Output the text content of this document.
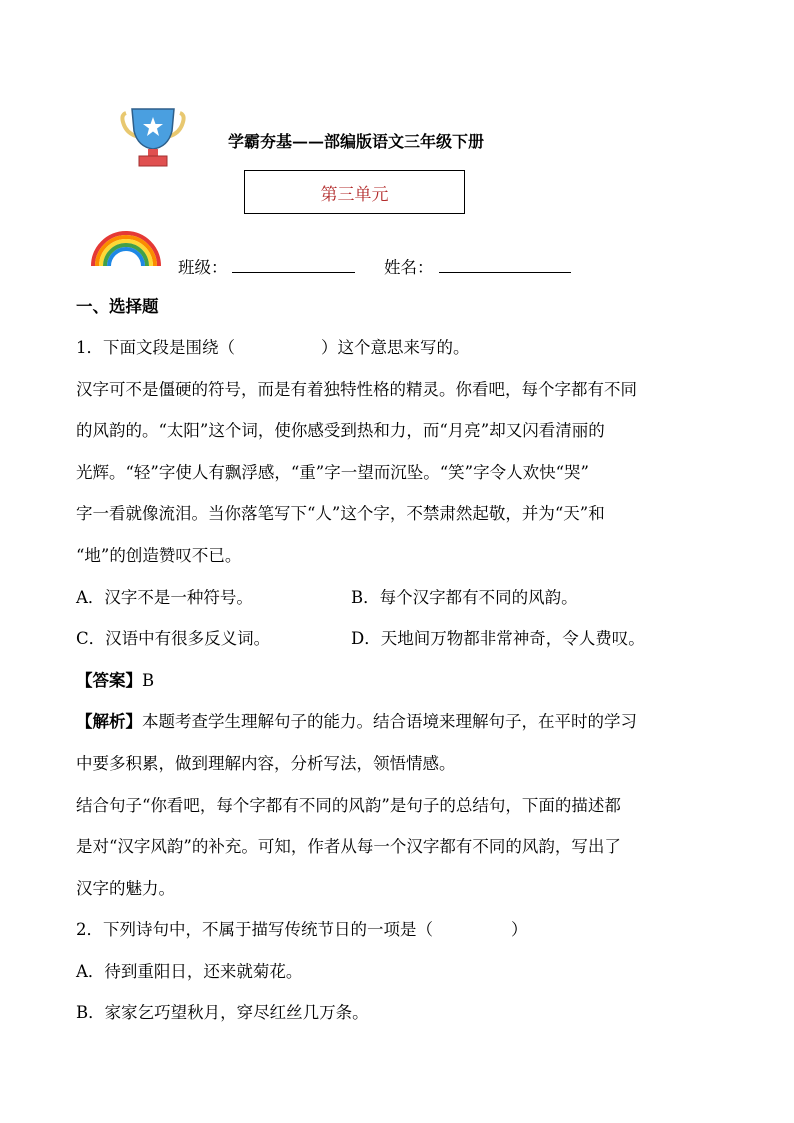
学霸夯基——部编版语文三年级下册
第三单元
班级：	姓名：
一、选择题
1．下面文段是围绕（	）这个意思来写的。
汉字可不是僵硬的符号，而是有着独特性格的精灵。你看吧，每个字都有不同
的风韵的。“太阳”这个词，使你感受到热和力，而“月亮”却又闪看清丽的
光辉。“轻”字使人有飘浮感，“重”字一望而沉坠。“笑”字令人欢快“哭”
字一看就像流泪。当你落笔写下“人”这个字，不禁肃然起敬，并为“天”和
“地”的创造赞叹不已。
A．汉字不是一种符号。	B．每个汉字都有不同的风韵。
C．汉语中有很多反义词。	D．天地间万物都非常神奇，令人费叹。
【答案】B
【解析】本题考查学生理解句子的能力。结合语境来理解句子，在平时的学习
中要多积累，做到理解内容，分析写法，领悟情感。
结合句子“你看吧，每个字都有不同的风韵”是句子的总结句，下面的描述都
是对“汉字风韵”的补充。可知，作者从每一个汉字都有不同的风韵，写出了
汉字的魅力。
2．下列诗句中，不属于描写传统节日的一项是（	）
A．待到重阳日，还来就菊花。
B．家家乞巧望秋月，穿尽红丝几万条。
